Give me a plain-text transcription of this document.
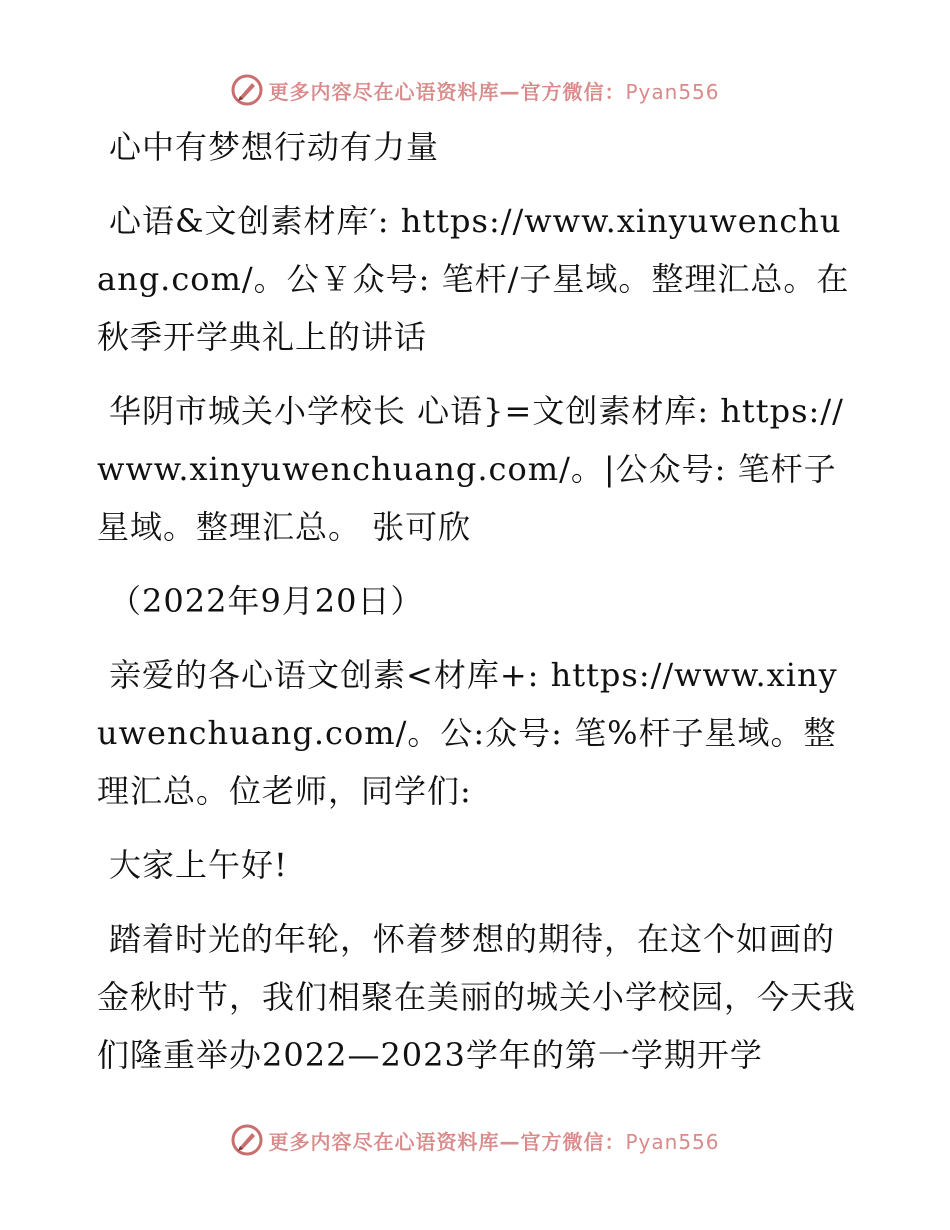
更多内容尽在心语资料库—官方微信：Pyan556

心中有梦想行动有力量

心语&文创素材库′: https://www.xinyuwenchuang.com/。公￥众号: 笔杆/子星域。整理汇总。在秋季开学典礼上的讲话

华阴市城关小学校长 心语}=文创素材库: https://www.xinyuwenchuang.com/。|公众号: 笔杆子星域。整理汇总。 张可欣

（2022年9月20日）

亲爱的各心语文创素<材库+: https://www.xinyuwenchuang.com/。公:众号: 笔%杆子星域。整理汇总。位老师，同学们:

大家上午好!

踏着时光的年轮，怀着梦想的期待，在这个如画的金秋时节，我们相聚在美丽的城关小学校园，今天我们隆重举办2022—2023学年的第一学期开学

更多内容尽在心语资料库—官方微信：Pyan556
